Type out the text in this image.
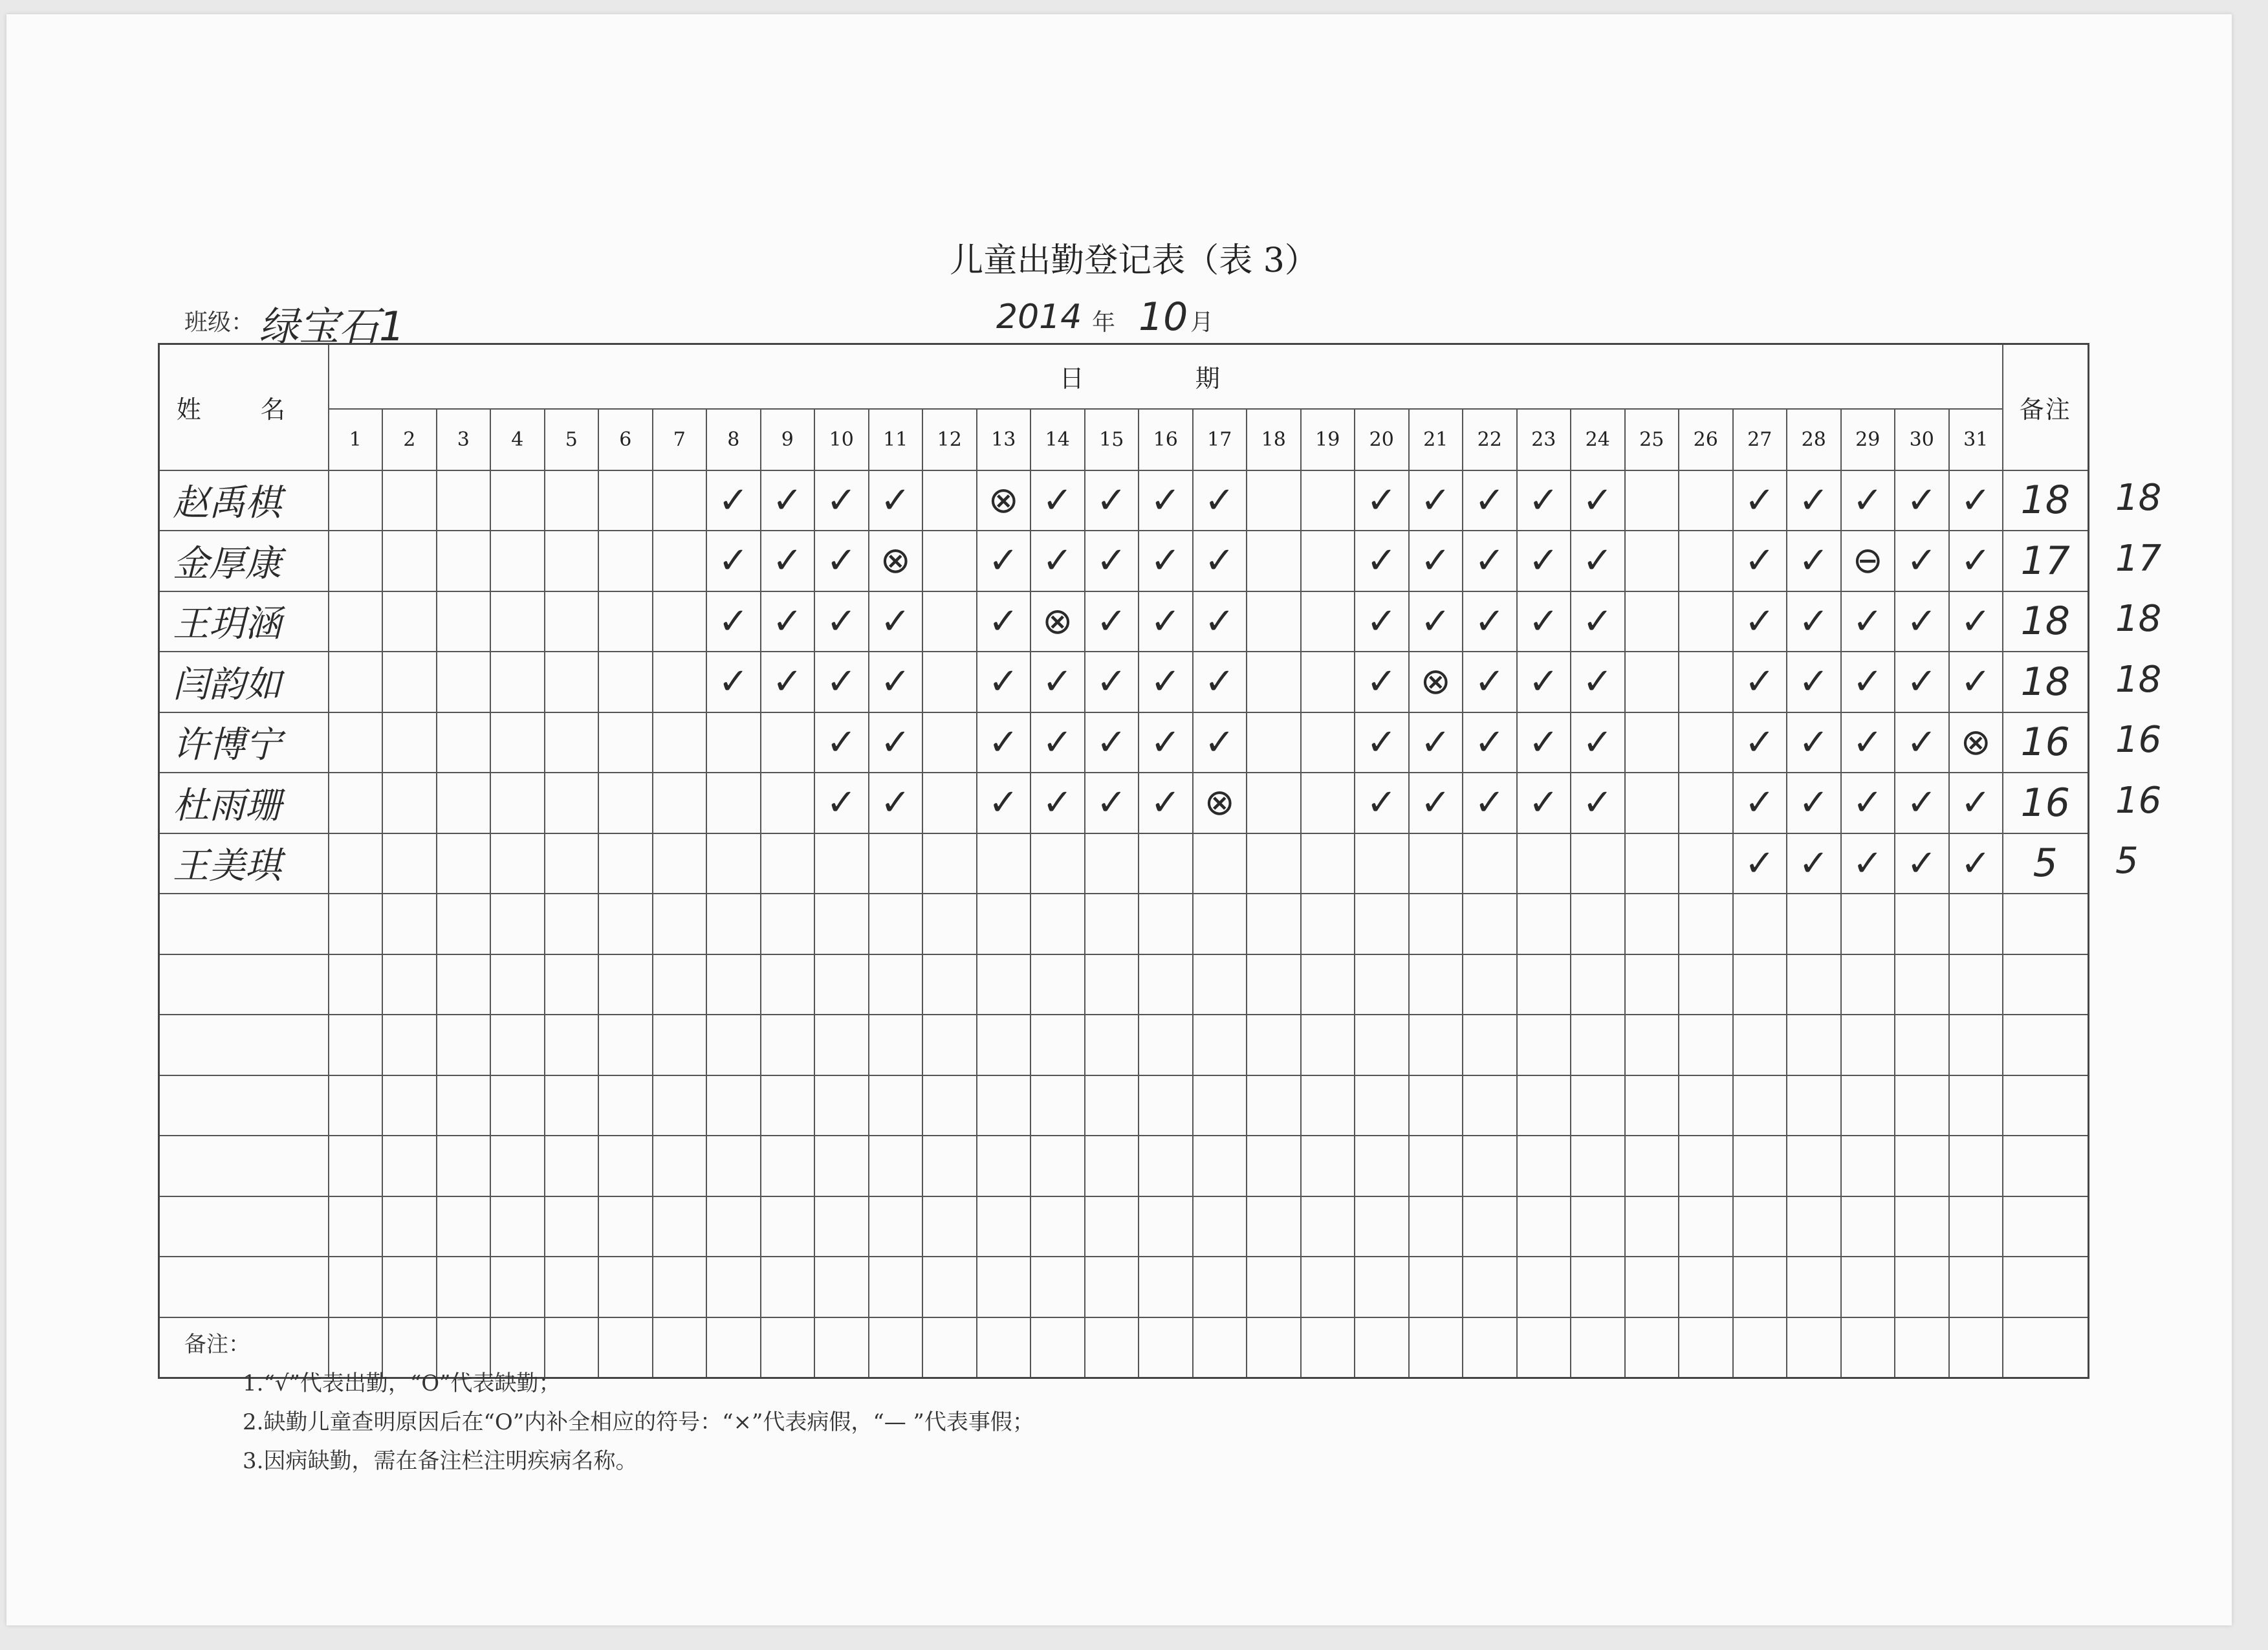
儿童出勤登记表（表 3）
班级： 绿宝石1	2014 年 10 月
姓 名	日 期																															备注
	1	2	3	4	5	6	7	8	9	10	11	12	13	14	15	16	17	18	19	20	21	22	23	24	25	26	27	28	29	30	31	
赵禹棋								✓	✓	✓	✓		⊗	✓	✓	✓	✓			✓	✓	✓	✓	✓			✓	✓	✓	✓	✓	18
金厚康								✓	✓	✓	⊗		✓	✓	✓	✓	✓			✓	✓	✓	✓	✓			✓	✓	⊖	✓	✓	17
王玥涵								✓	✓	✓	✓		✓	⊗	✓	✓	✓			✓	✓	✓	✓	✓			✓	✓	✓	✓	✓	18
闫韵如								✓	✓	✓	✓		✓	✓	✓	✓	✓			✓	⊗	✓	✓	✓			✓	✓	✓	✓	✓	18
许博宁										✓	✓		✓	✓	✓	✓	✓			✓	✓	✓	✓	✓			✓	✓	✓	✓	⊗	16
杜雨珊										✓	✓		✓	✓	✓	✓	⊗			✓	✓	✓	✓	✓			✓	✓	✓	✓	✓	16
王美琪																											✓	✓	✓	✓	✓	5

18
17
18
18
16
16
5
备注：
1.“√”代表出勤，“O”代表缺勤；
2.缺勤儿童查明原因后在“O”内补全相应的符号：“×”代表病假，“— ”代表事假；
3.因病缺勤，需在备注栏注明疾病名称。
